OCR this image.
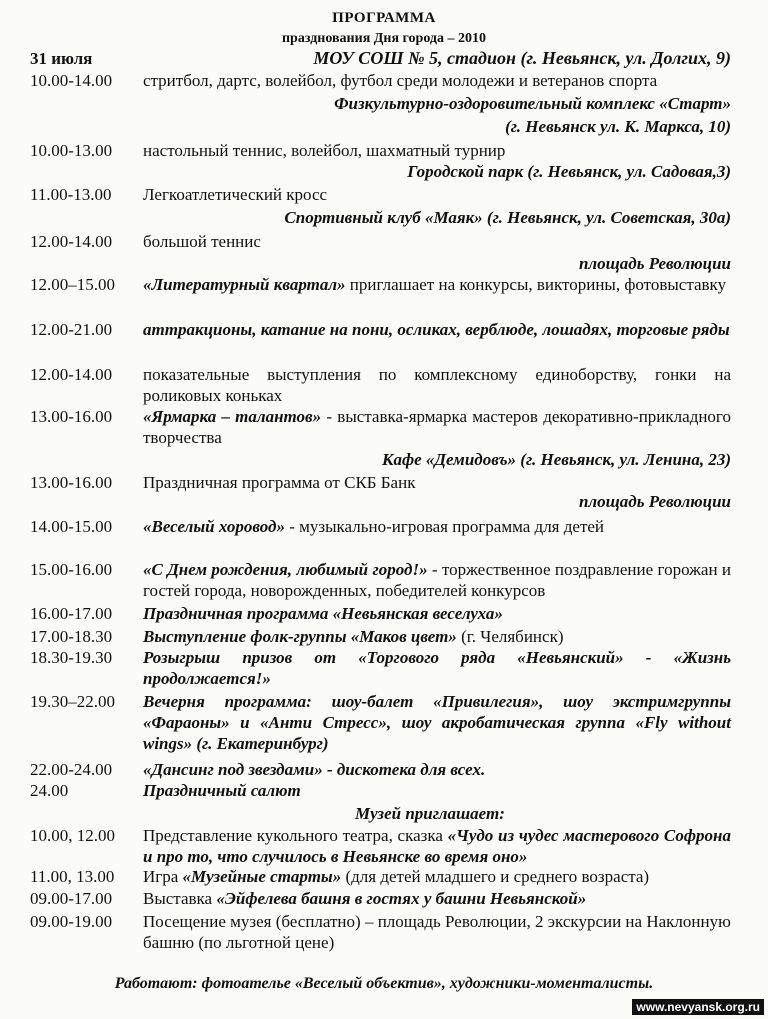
ПРОГРАММА
празднования Дня города – 2010
31 июля	МОУ СОШ № 5, стадион (г. Невьянск, ул. Долгих, 9)
10.00-14.00 стритбол, дартс, волейбол, футбол среди молодежи и ветеранов спорта
Физкультурно-оздоровительный комплекс «Старт»
(г. Невьянск ул. К. Маркса, 10)
10.00-13.00 настольный теннис, волейбол, шахматный турнир
Городской парк (г. Невьянск, ул. Садовая,3)
11.00-13.00 Легкоатлетический кросс
Спортивный клуб «Маяк» (г. Невьянск, ул. Советская, 30а)
12.00-14.00 большой теннис
площадь Революции
12.00–15.00 «Литературный квартал» приглашает на конкурсы, викторины, фотовыставку
12.00-21.00 аттракционы, катание на пони, осликах, верблюде, лошадях, торговые ряды
12.00-14.00 показательные выступления по комплексному единоборству, гонки на роликовых коньках
13.00-16.00 «Ярмарка – талантов» - выставка-ярмарка мастеров декоративно-прикладного творчества
Кафе «Демидовъ» (г. Невьянск, ул. Ленина, 23)
13.00-16.00 Праздничная программа от СКБ Банк
площадь Революции
14.00-15.00 «Веселый хоровод» - музыкально-игровая программа для детей
15.00-16.00 «С Днем рождения, любимый город!» - торжественное поздравление горожан и гостей города, новорожденных, победителей конкурсов
16.00-17.00 Праздничная программа «Невьянская веселуха»
17.00-18.30 Выступление фолк-группы «Маков цвет» (г. Челябинск)
18.30-19.30 Розыгрыш призов от «Торгового ряда «Невьянский» - «Жизнь продолжается!»
19.30–22.00 Вечерня программа: шоу-балет «Привилегия», шоу экстримгруппы «Фараоны» и «Анти Стресс», шоу акробатическая группа «Fly without wings» (г. Екатеринбург)
22.00-24.00 «Дансинг под звездами» - дискотека для всех.
24.00	Праздничный салют
Музей приглашает:
10.00, 12.00 Представление кукольного театра, сказка «Чудо из чудес мастерового Софрона и про то, что случилось в Невьянске во время оно»
11.00, 13.00 Игра «Музейные старты» (для детей младшего и среднего возраста)
09.00-17.00 Выставка «Эйфелева башня в гостях у башни Невьянской»
09.00-19.00 Посещение музея (бесплатно) – площадь Революции, 2 экскурсии на Наклонную башню (по льготной цене)
Работают: фотоателье «Веселый объектив», художники-моменталисты.
www.nevyansk.org.ru
